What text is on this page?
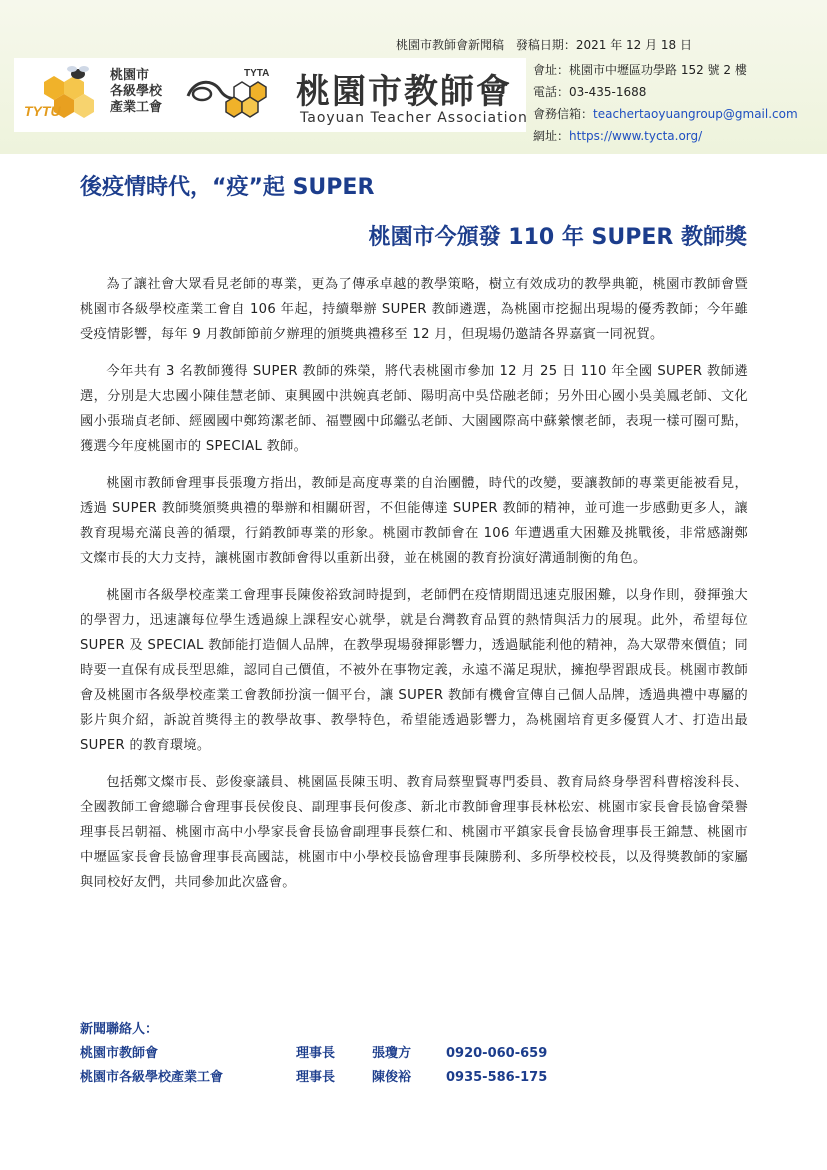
桃園市教師會新聞稿 發稿日期：2021 年 12 月 18 日
TYTU
桃園市
各級學校
產業工會
TYTA 桃園市教師會
Taoyuan Teacher Association
會址：桃園市中壢區功學路 152 號 2 樓
電話：03-435-1688
會務信箱：teachertaoyuangroup@gmail.com
網址：https://www.tycta.org/
後疫情時代，“疫”起 SUPER
桃園市今頒發 110 年 SUPER 教師獎

為了讓社會大眾看見老師的專業，更為了傳承卓越的教學策略，樹立有效成功的教學典範，桃園市教師會暨桃園市各級學校產業工會自 106 年起，持續舉辦 SUPER 教師遴選，為桃園市挖掘出現場的優秀教師；今年雖受疫情影響，每年 9 月教師節前夕辦理的頒獎典禮移至 12 月，但現場仍邀請各界嘉賓一同祝賀。

今年共有 3 名教師獲得 SUPER 教師的殊榮，將代表桃園市參加 12 月 25 日 110 年全國 SUPER 教師遴選，分別是大忠國小陳佳慧老師、東興國中洪婉真老師、陽明高中吳岱融老師；另外田心國小吳美鳳老師、文化國小張瑞貞老師、經國國中鄭筠潔老師、福豐國中邱繼弘老師、大園國際高中蘇縈懷老師，表現一樣可圈可點，獲選今年度桃園市的 SPECIAL 教師。

桃園市教師會理事長張瓊方指出，教師是高度專業的自治團體，時代的改變，要讓教師的專業更能被看見，透過 SUPER 教師獎頒獎典禮的舉辦和相關研習，不但能傳達 SUPER 教師的精神，並可進一步感動更多人，讓教育現場充滿良善的循環，行銷教師專業的形象。桃園市教師會在 106 年遭遇重大困難及挑戰後，非常感謝鄭文燦市長的大力支持，讓桃園市教師會得以重新出發，並在桃園的教育扮演好溝通制衡的角色。

桃園市各級學校產業工會理事長陳俊裕致詞時提到，老師們在疫情期間迅速克服困難，以身作則，發揮強大的學習力，迅速讓每位學生透過線上課程安心就學，就是台灣教育品質的熱情與活力的展現。此外，希望每位 SUPER 及 SPECIAL 教師能打造個人品牌，在教學現場發揮影響力，透過賦能利他的精神，為大眾帶來價值；同時要一直保有成長型思維，認同自己價值，不被外在事物定義，永遠不滿足現狀，擁抱學習跟成長。桃園市教師會及桃園市各級學校產業工會教師扮演一個平台，讓 SUPER 教師有機會宣傳自己個人品牌，透過典禮中專屬的影片與介紹，訴說首獎得主的教學故事、教學特色，希望能透過影響力，為桃園培育更多優質人才、打造出最 SUPER 的教育環境。

包括鄭文燦市長、彭俊豪議員、桃園區長陳玉明、教育局蔡聖賢專門委員、教育局終身學習科曹榕浚科長、全國教師工會總聯合會理事長侯俊良、副理事長何俊彥、新北市教師會理事長林松宏、桃園市家長會長協會榮譽理事長呂朝福、桃園市高中小學家長會長協會副理事長蔡仁和、桃園市平鎮家長會長協會理事長王錦慧、桃園市中壢區家長會長協會理事長高國誌，桃園市中小學校長協會理事長陳勝利、多所學校校長，以及得獎教師的家屬與同校好友們，共同參加此次盛會。

新聞聯絡人：
桃園市教師會	理事長	張瓊方	0920-060-659
桃園市各級學校產業工會	理事長	陳俊裕	0935-586-175
